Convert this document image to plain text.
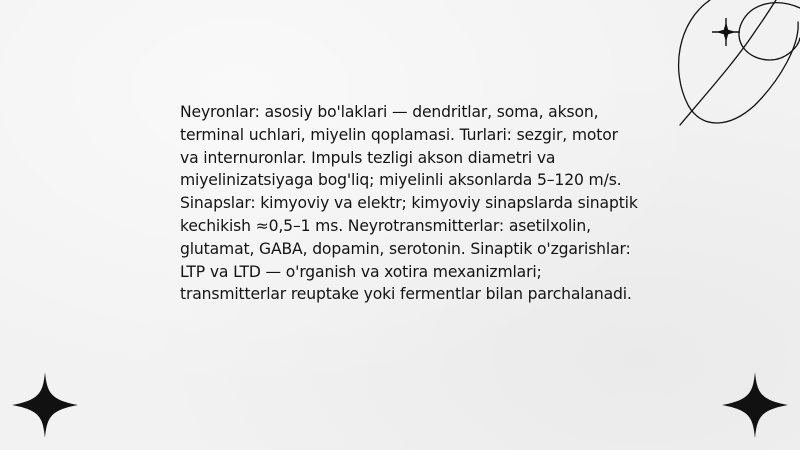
Neyronlar: asosiy bo'laklari — dendritlar, soma, akson, terminal uchlari, miyelin qoplamasi. Turlari: sezgir, motor va internuronlar. Impuls tezligi akson diametri va miyelinizatsiyaga bog'liq; miyelinli aksonlarda 5–120 m/s. Sinapslar: kimyoviy va elektr; kimyoviy sinapslarda sinaptik kechikish ≈0,5–1 ms. Neyrotransmitterlar: asetilxolin, glutamat, GABA, dopamin, serotonin. Sinaptik o'zgarishlar: LTP va LTD — o'rganish va xotira mexanizmlari; transmitterlar reuptake yoki fermentlar bilan parchalanadi.
